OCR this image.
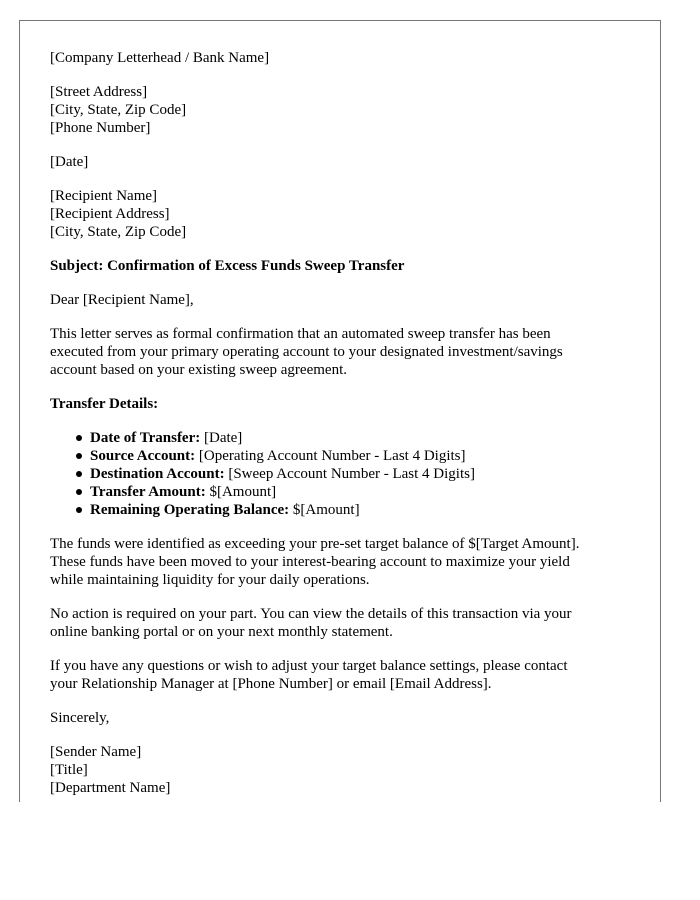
[Company Letterhead / Bank Name]
[Street Address]
[City, State, Zip Code]
[Phone Number]
[Date]
[Recipient Name]
[Recipient Address]
[City, State, Zip Code]
Subject: Confirmation of Excess Funds Sweep Transfer
Dear [Recipient Name],

This letter serves as formal confirmation that an automated sweep transfer has been
executed from your primary operating account to your designated investment/savings
account based on your existing sweep agreement.

Transfer Details:
Date of Transfer: [Date]
Source Account: [Operating Account Number - Last 4 Digits]
Destination Account: [Sweep Account Number - Last 4 Digits]
Transfer Amount: $[Amount]
Remaining Operating Balance: $[Amount]

The funds were identified as exceeding your pre-set target balance of $[Target Amount].
These funds have been moved to your interest-bearing account to maximize your yield
while maintaining liquidity for your daily operations.

No action is required on your part. You can view the details of this transaction via your
online banking portal or on your next monthly statement.

If you have any questions or wish to adjust your target balance settings, please contact
your Relationship Manager at [Phone Number] or email [Email Address].

Sincerely,
[Sender Name]
[Title]
[Department Name]
